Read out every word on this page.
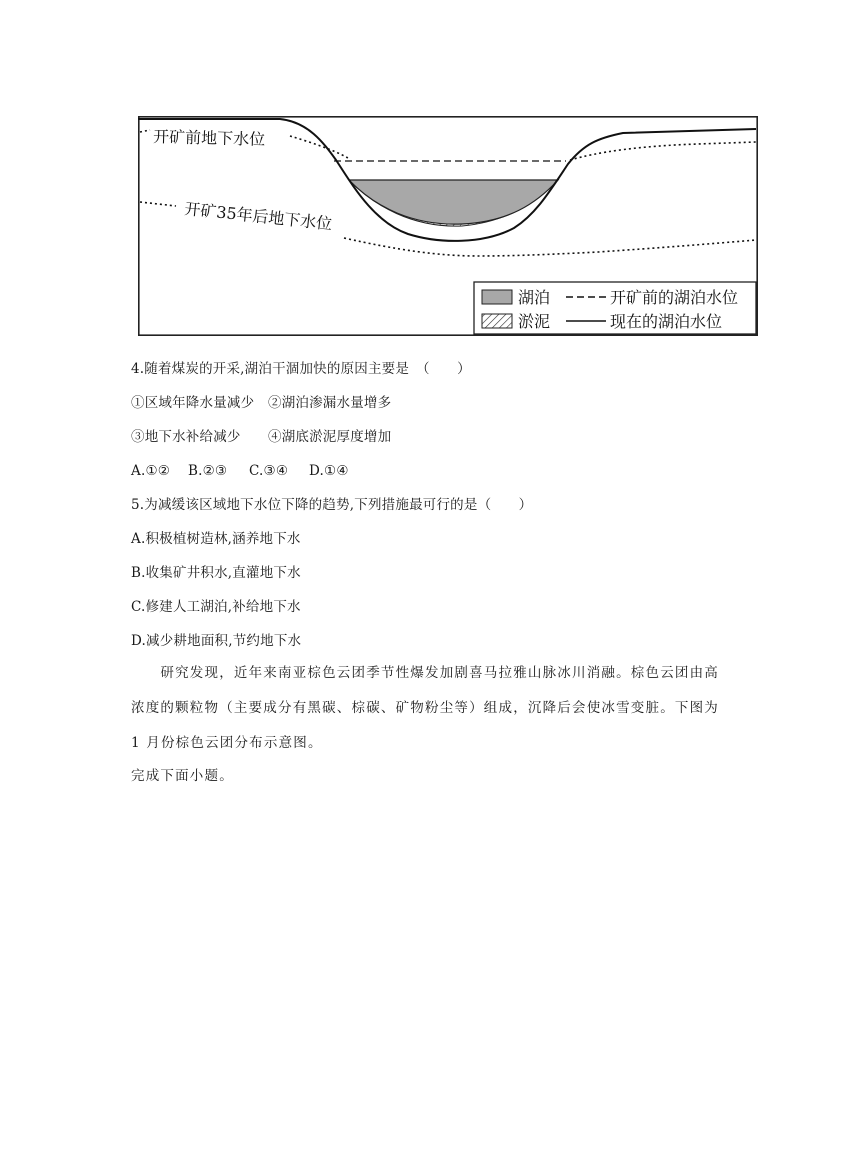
开矿前地下水位
开矿35年后地下水位
湖泊
淤泥
开矿前的湖泊水位
现在的湖泊水位
4.随着煤炭的开采,湖泊干涸加快的原因主要是　（　　）
①区域年降水量减少　②湖泊渗漏水量增多
③地下水补给减少　　④湖底淤泥厚度增加
A.①② B.②③ C.③④ D.①④
5.为减缓该区域地下水位下降的趋势,下列措施最可行的是（　　）
A.积极植树造林,涵养地下水
B.收集矿井积水,直灌地下水
C.修建人工湖泊,补给地下水
D.减少耕地面积,节约地下水
　　研究发现，近年来南亚棕色云团季节性爆发加剧喜马拉雅山脉冰川消融。棕色云团由高
浓度的颗粒物（主要成分有黑碳、棕碳、矿物粉尘等）组成，沉降后会使冰雪变脏。下图为
1 月份棕色云团分布示意图。
完成下面小题。
